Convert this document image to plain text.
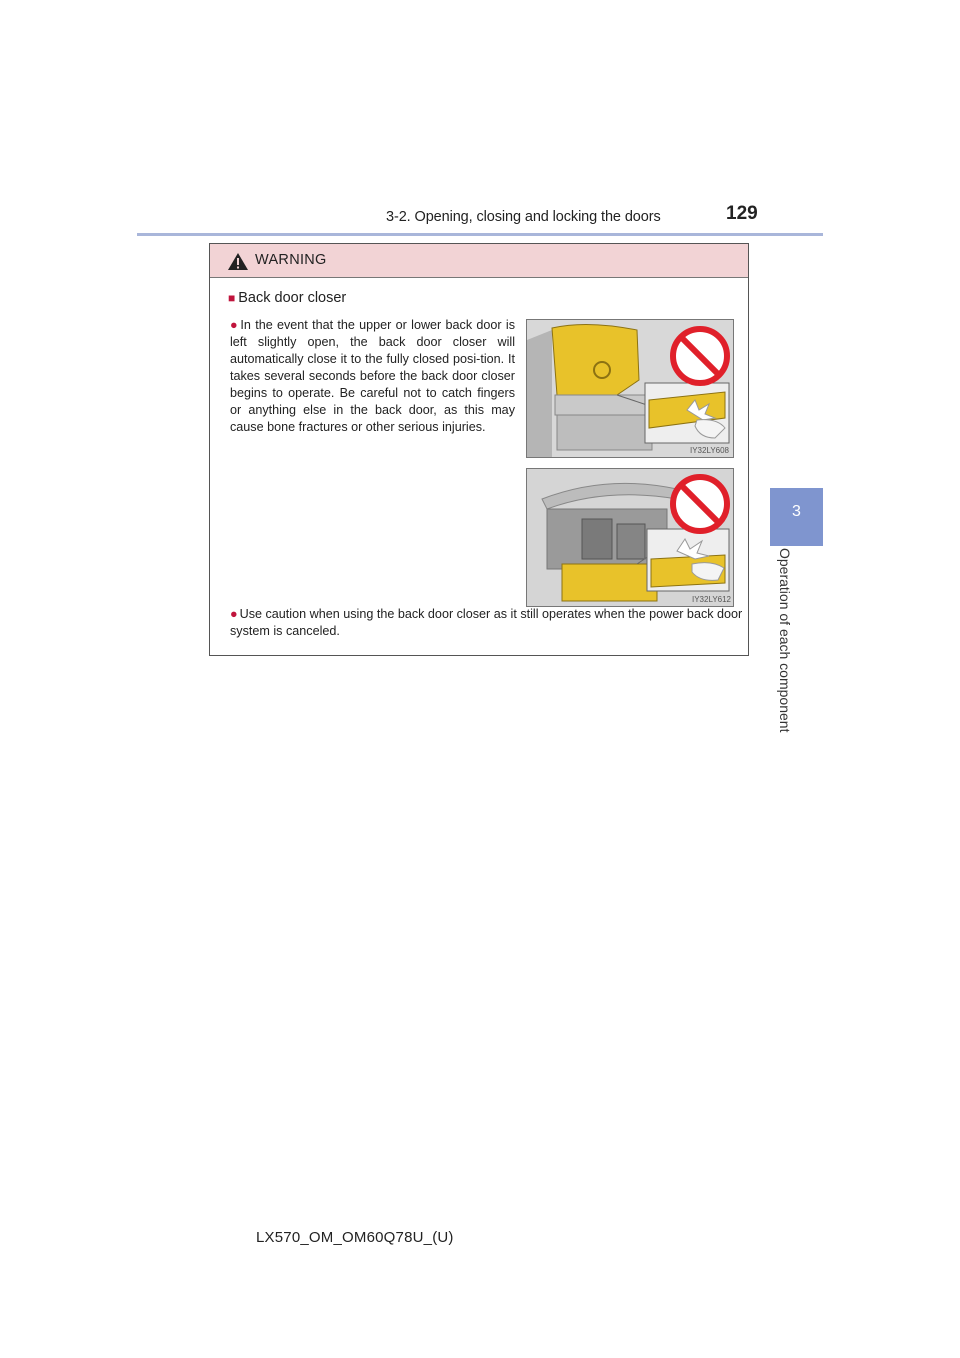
3-2. Opening, closing and locking the doors	129
3
Operation of each component
WARNING
■ Back door closer
● In the event that the upper or lower back door is left slightly open, the back door closer will automatically close it to the fully closed posi-tion. It takes several seconds before the back door closer begins to operate. Be careful not to catch fingers or anything else in the back door, as this may cause bone fractures or other serious injuries.
IY32LY608
IY32LY612
● Use caution when using the back door closer as it still operates when the power back door system is canceled.
LX570_OM_OM60Q78U_(U)
